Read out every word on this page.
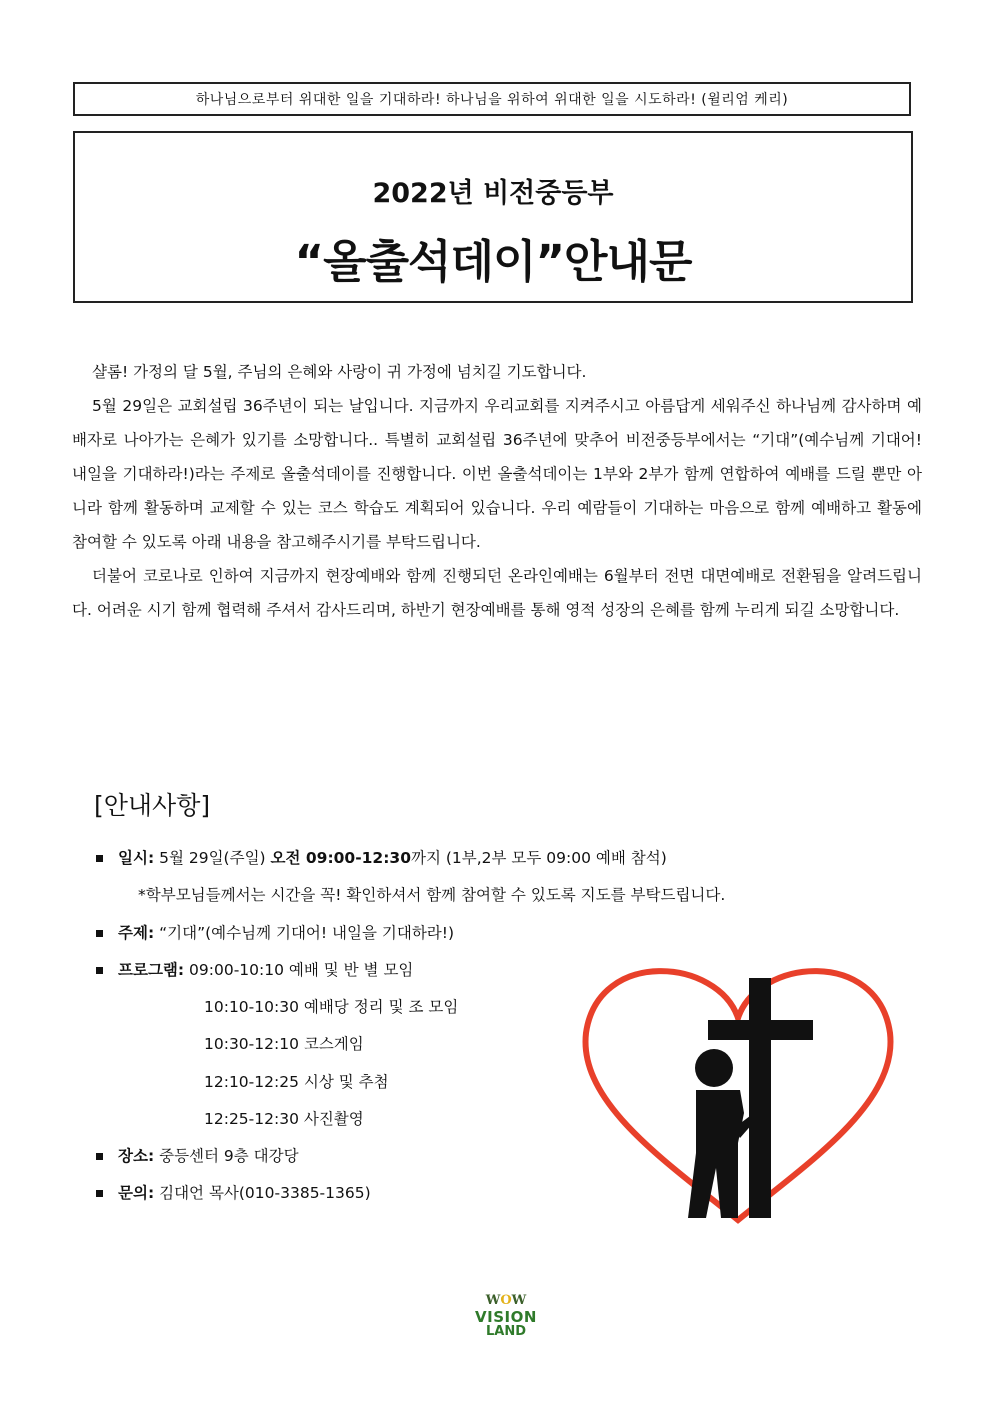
하나님으로부터 위대한 일을 기대하라! 하나님을 위하여 위대한 일을 시도하라! (윌리엄 케리)
2022년 비전중등부
“올출석데이”안내문

샬롬! 가정의 달 5월, 주님의 은혜와 사랑이 귀 가정에 넘치길 기도합니다.

5월 29일은 교회설립 36주년이 되는 날입니다. 지금까지 우리교회를 지켜주시고 아름답게 세워주신 하나님께 감사하며 예배자로 나아가는 은혜가 있기를 소망합니다.. 특별히 교회설립 36주년에 맞추어 비전중등부에서는 “기대”(예수님께 기대어! 내일을 기대하라!)라는 주제로 올출석데이를 진행합니다. 이번 올출석데이는 1부와 2부가 함께 연합하여 예배를 드릴 뿐만 아니라 함께 활동하며 교제할 수 있는 코스 학습도 계획되어 있습니다. 우리 예람들이 기대하는 마음으로 함께 예배하고 활동에 참여할 수 있도록 아래 내용을 참고해주시기를 부탁드립니다.

더불어 코로나로 인하여 지금까지 현장예배와 함께 진행되던 온라인예배는 6월부터 전면 대면예배로 전환됨을 알려드립니다. 어려운 시기 함께 협력해 주셔서 감사드리며, 하반기 현장예배를 통해 영적 성장의 은혜를 함께 누리게 되길 소망합니다.

[안내사항]
일시: 5월 29일(주일) 오전 09:00-12:30까지 (1부,2부 모두 09:00 예배 참석)
*학부모님들께서는 시간을 꼭! 확인하셔서 함께 참여할 수 있도록 지도를 부탁드립니다.
주제: “기대”(예수님께 기대어! 내일을 기대하라!)
프로그램: 09:00-10:10 예배 및 반 별 모임
10:10-10:30 예배당 정리 및 조 모임
10:30-12:10 코스게임
12:10-12:25 시상 및 추첨
12:25-12:30 사진촬영
장소: 중등센터 9층 대강당
문의: 김대언 목사(010-3385-1365)
WOW
VISION
LAND
